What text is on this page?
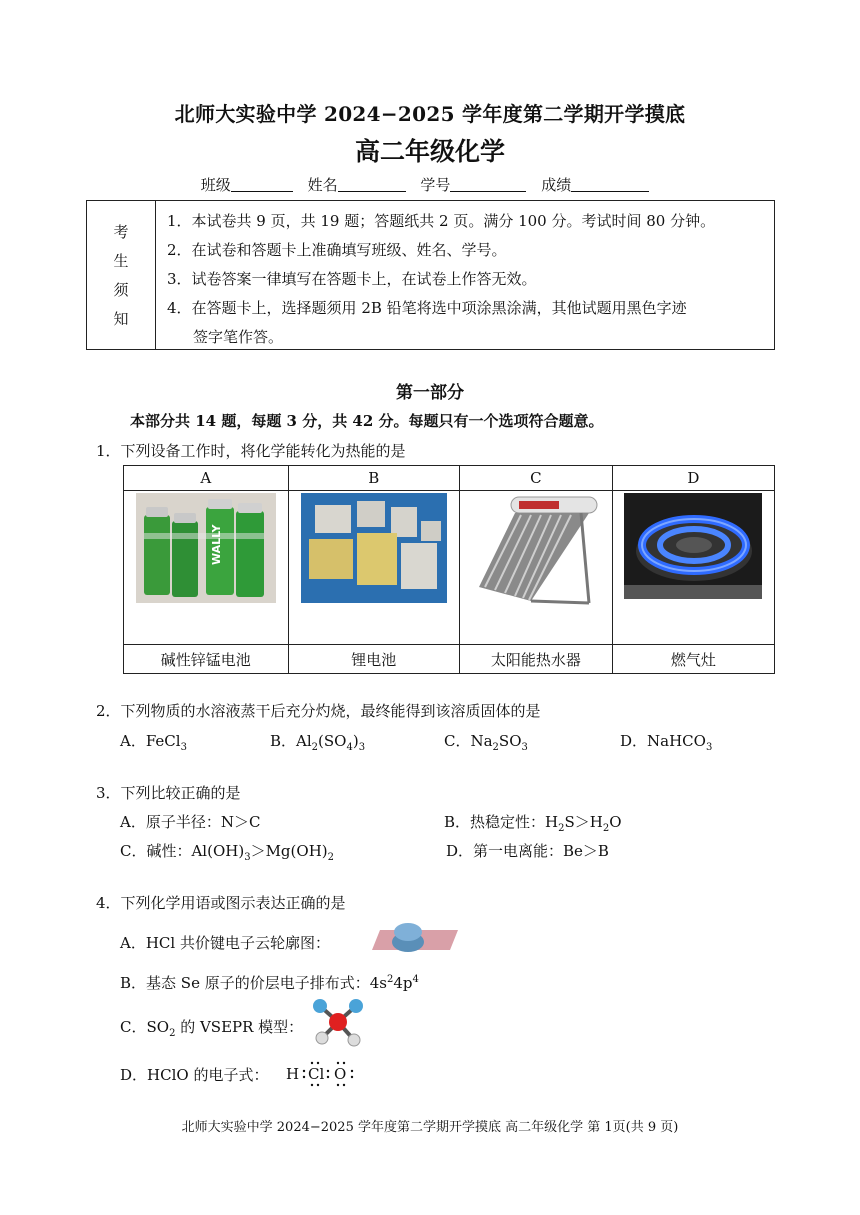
北师大实验中学 2024−2025 学年度第二学期开学摸底
高二年级化学
班级	姓名	学号	成绩
考
生
须
知
1．本试卷共 9 页，共 19 题；答题纸共 2 页。满分 100 分。考试时间 80 分钟。
2．在试卷和答题卡上准确填写班级、姓名、学号。
3．试卷答案一律填写在答题卡上，在试卷上作答无效。
4．在答题卡上，选择题须用 2B 铅笔将选中项涂黑涂满，其他试题用黑色字迹
签字笔作答。
第一部分
本部分共 14 题，每题 3 分，共 42 分。每题只有一个选项符合题意。
1．下列设备工作时，将化学能转化为热能的是
A	B	C	D

WALLY

碱性锌锰电池	锂电池	太阳能热水器	燃气灶
2．下列物质的水溶液蒸干后充分灼烧，最终能得到该溶质固体的是
A．FeCl$_3$	B．$Al_2(SO_4)_3$	C．$Na_2SO_3$	D．NaHCO$_3$
3．下列比较正确的是
A．原子半径：N＞C	B．热稳定性：$H_2S>H_2O$
C．碱性：$Al(OH)_3>Mg(OH)_2$	D．第一电离能：Be＞B
4．下列化学用语或图示表达正确的是
A．HCl 共价键电子云轮廓图：
B．基态 Se 原子的价层电子排布式：$4s^24p^4$
C．$SO_2$ 的 VSEPR 模型：
D．HClO 的电子式： H Cl O
北师大实验中学 2024−2025 学年度第二学期开学摸底 高二年级化学 第 1页(共 9 页)
